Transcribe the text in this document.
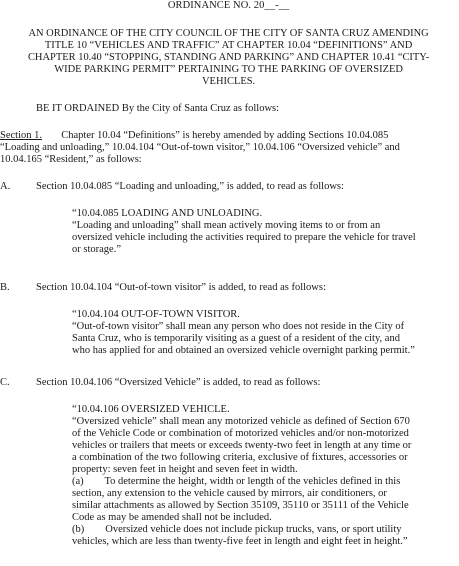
ORDINANCE NO. 20__-__

AN ORDINANCE OF THE CITY COUNCIL OF THE CITY OF SANTA CRUZ AMENDING

TITLE 10 “VEHICLES AND TRAFFIC” AT CHAPTER 10.04 “DEFINITIONS” AND

CHAPTER 10.40 “STOPPING, STANDING AND PARKING” AND CHAPTER 10.41 “CITY-

WIDE PARKING PERMIT” PERTAINING TO THE PARKING OF OVERSIZED

VEHICLES.

BE IT ORDAINED By the City of Santa Cruz as follows:

Section 1. Chapter 10.04 “Definitions” is hereby amended by adding Sections 10.04.085

“Loading and unloading,” 10.04.104 “Out-of-town visitor,” 10.04.106 “Oversized vehicle” and

10.04.165 “Resident,” as follows:

A. Section 10.04.085 “Loading and unloading,” is added, to read as follows:

“10.04.085 LOADING AND UNLOADING.

“Loading and unloading” shall mean actively moving items to or from an

oversized vehicle including the activities required to prepare the vehicle for travel

or storage.”

B.	Section 10.04.104 “Out-of-town visitor” is added, to read as follows:

“10.04.104 OUT-OF-TOWN VISITOR.

“Out-of-town visitor” shall mean any person who does not reside in the City of

Santa Cruz, who is temporarily visiting as a guest of a resident of the city, and

who has applied for and obtained an oversized vehicle overnight parking permit.”

C.	Section 10.04.106 “Oversized Vehicle” is added, to read as follows:

“10.04.106 OVERSIZED VEHICLE.

“Oversized vehicle” shall mean any motorized vehicle as defined of Section 670

of the Vehicle Code or combination of motorized vehicles and/or non-motorized

vehicles or trailers that meets or exceeds twenty-two feet in length at any time or

a combination of the two following criteria, exclusive of fixtures, accessories or

property: seven feet in height and seven feet in width.

(a)        To determine the height, width or length of the vehicles defined in this

section, any extension to the vehicle caused by mirrors, air conditioners, or

similar attachments as allowed by Section 35109, 35110 or 35111 of the Vehicle

Code as may be amended shall not be included.

(b)        Oversized vehicle does not include pickup trucks, vans, or sport utility

vehicles, which are less than twenty-five feet in length and eight feet in height.”
